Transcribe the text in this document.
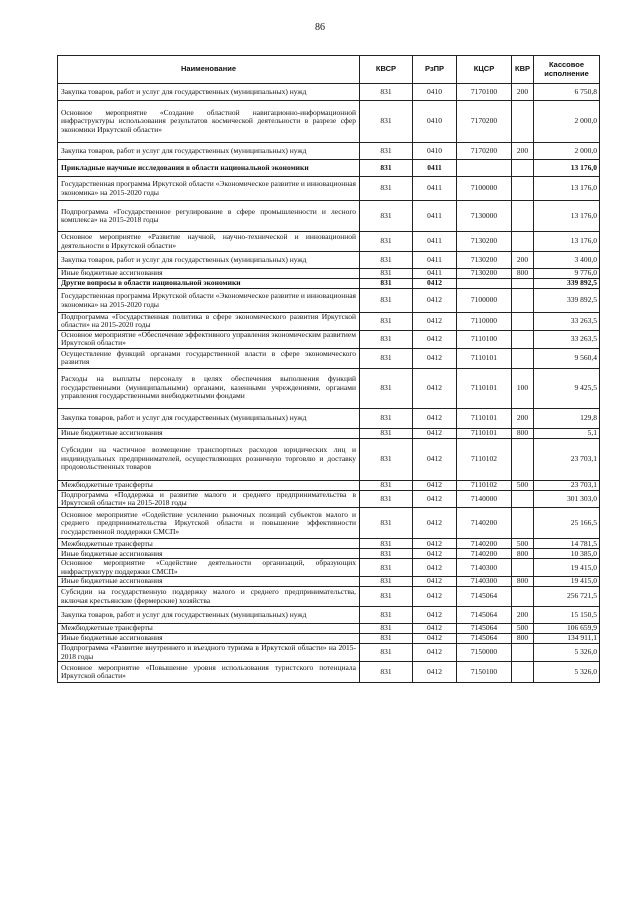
86
Наименование	КВСР	РзПР	КЦСР	КВР	Кассовое исполнение
Закупка товаров, работ и услуг для государственных (муниципальных) нужд	831	0410	7170100	200	6 750,8
Основное мероприятие «Создание областной навигационно-информационной инфраструктуры использования результатов космической деятельности в разрезе сфер экономики Иркутской области»	831	0410	7170200		2 000,0
Закупка товаров, работ и услуг для государственных (муниципальных) нужд	831	0410	7170200	200	2 000,0
Прикладные научные исследования в области национальной экономики	831	0411			13 176,0
Государственная программа Иркутской области «Экономическое развитие и инновационная экономика» на 2015-2020 годы	831	0411	7100000		13 176,0
Подпрограмма «Государственное регулирование в сфере промышленности и лесного комплекса» на 2015-2018 годы	831	0411	7130000		13 176,0
Основное мероприятие «Развитие научной, научно-технической и инновационной деятельности в Иркутской области»	831	0411	7130200		13 176,0
Закупка товаров, работ и услуг для государственных (муниципальных) нужд	831	0411	7130200	200	3 400,0
Иные бюджетные ассигнования	831	0411	7130200	800	9 776,0
Другие вопросы в области национальной экономики	831	0412			339 892,5
Государственная программа Иркутской области «Экономическое развитие и инновационная экономика» на 2015-2020 годы	831	0412	7100000		339 892,5
Подпрограмма «Государственная политика в сфере экономического развития Иркутской области» на 2015-2020 годы	831	0412	7110000		33 263,5
Основное мероприятие «Обеспечение эффективного управления экономическим развитием Иркутской области»	831	0412	7110100		33 263,5
Осуществление функций органами государственной власти в сфере экономического развития	831	0412	7110101		9 560,4
Расходы на выплаты персоналу в целях обеспечения выполнения функций государственными (муниципальными) органами, казенными учреждениями, органами управления государственными внебюджетными фондами	831	0412	7110101	100	9 425,5
Закупка товаров, работ и услуг для государственных (муниципальных) нужд	831	0412	7110101	200	129,8
Иные бюджетные ассигнования	831	0412	7110101	800	5,1
Субсидии на частичное возмещение транспортных расходов юридических лиц и индивидуальных предпринимателей, осуществляющих розничную торговлю и доставку продовольственных товаров	831	0412	7110102		23 703,1
Межбюджетные трансферты	831	0412	7110102	500	23 703,1
Подпрограмма «Поддержка и развитие малого и среднего предпринимательства в Иркутской области» на 2015-2018 годы	831	0412	7140000		301 303,0
Основное мероприятие «Содействие усилению рыночных позиций субъектов малого и среднего предпринимательства Иркутской области и повышение эффективности государственной поддержки СМСП»	831	0412	7140200		25 166,5
Межбюджетные трансферты	831	0412	7140200	500	14 781,5
Иные бюджетные ассигнования	831	0412	7140200	800	10 385,0
Основное мероприятие «Содействие деятельности организаций, образующих инфраструктуру поддержки СМСП»	831	0412	7140300		19 415,0
Иные бюджетные ассигнования	831	0412	7140300	800	19 415,0
Субсидии на государственную поддержку малого и среднего предпринимательства, включая крестьянские (фермерские) хозяйства	831	0412	7145064		256 721,5
Закупка товаров, работ и услуг для государственных (муниципальных) нужд	831	0412	7145064	200	15 150,5
Межбюджетные трансферты	831	0412	7145064	500	106 659,9
Иные бюджетные ассигнования	831	0412	7145064	800	134 911,1
Подпрограмма «Развитие внутреннего и въездного туризма в Иркутской области» на 2015-2018 годы	831	0412	7150000		5 326,0
Основное мероприятие «Повышение уровня использования туристского потенциала Иркутской области»	831	0412	7150100		5 326,0
